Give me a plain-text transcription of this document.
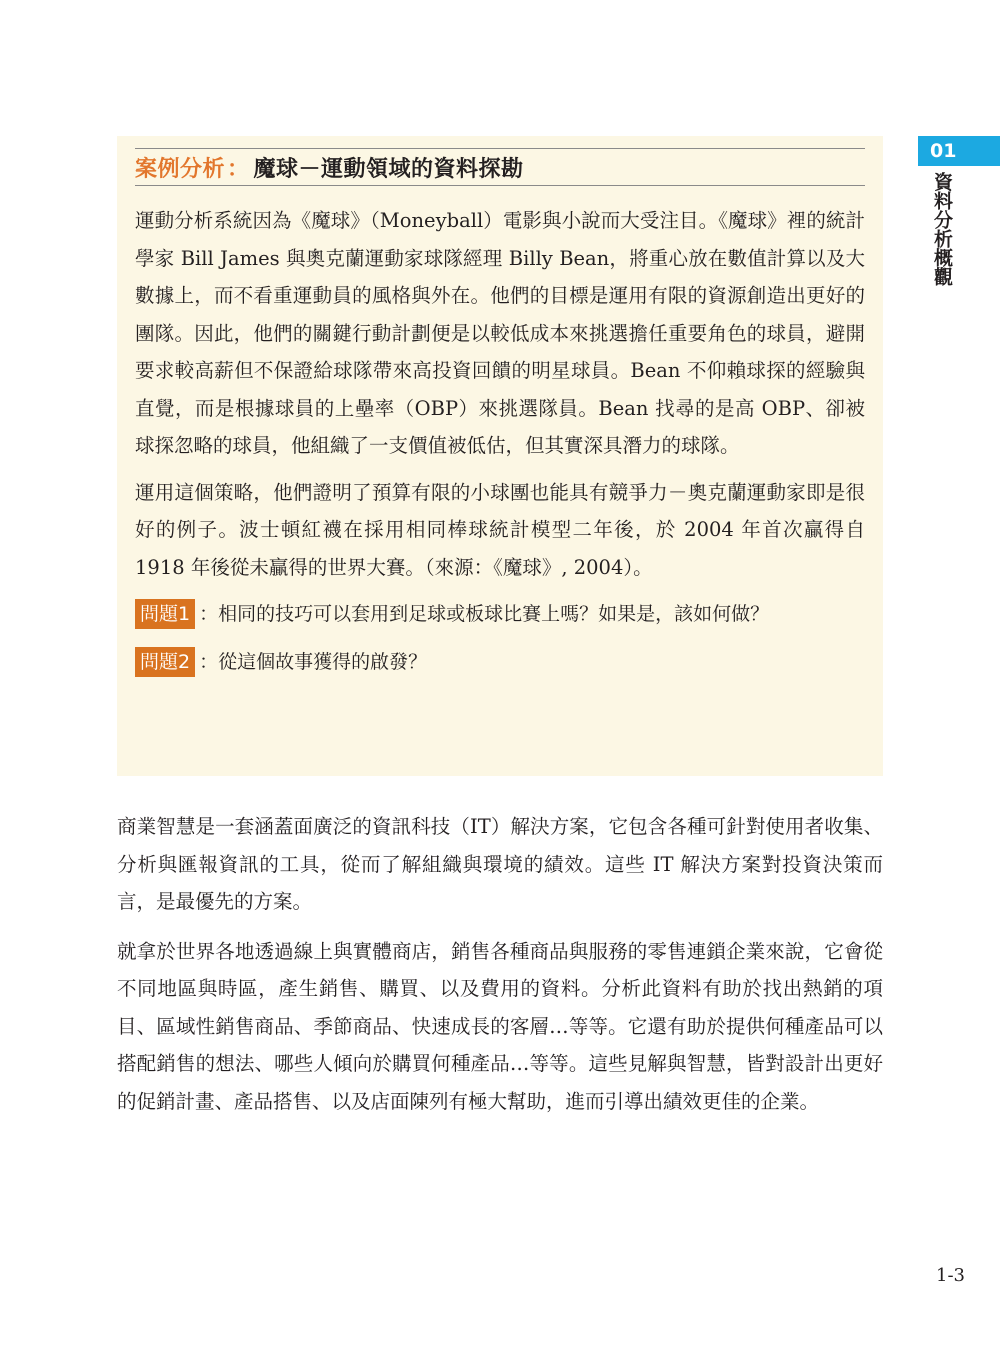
案例分析 ： 魔球－運動領域的資料探勘

運動分析系統因為《魔球》（Moneyball）電影與小說而大受注目。《魔球》裡的統計學家 Bill James 與奧克蘭運動家球隊經理 Billy Bean，將重心放在數值計算以及大數據上，而不看重運動員的風格與外在。他們的目標是運用有限的資源創造出更好的團隊。因此，他們的關鍵行動計劃便是以較低成本來挑選擔任重要角色的球員，避開要求較高薪但不保證給球隊帶來高投資回饋的明星球員。Bean 不仰賴球探的經驗與直覺，而是根據球員的上壘率（OBP）來挑選隊員。Bean 找尋的是高 OBP、卻被球探忽略的球員，他組織了一支價值被低估，但其實深具潛力的球隊。

運用這個策略，他們證明了預算有限的小球團也能具有競爭力－奧克蘭運動家即是很好的例子。波士頓紅襪在採用相同棒球統計模型二年後，於 2004 年首次贏得自 1918 年後從未贏得的世界大賽。（來源：《魔球》, 2004）。

問題1 ：相同的技巧可以套用到足球或板球比賽上嗎？如果是，該如何做？
問題2 ：從這個故事獲得的啟發？

商業智慧是一套涵蓋面廣泛的資訊科技（IT）解決方案，它包含各種可針對使用者收集、分析與匯報資訊的工具，從而了解組織與環境的績效。這些 IT 解決方案對投資決策而言，是最優先的方案。

就拿於世界各地透過線上與實體商店，銷售各種商品與服務的零售連鎖企業來說，它會從不同地區與時區，產生銷售、購買、以及費用的資料。分析此資料有助於找出熱銷的項目、區域性銷售商品、季節商品、快速成長的客層…等等。它還有助於提供何種產品可以搭配銷售的想法、哪些人傾向於購買何種產品…等等。這些見解與智慧，皆對設計出更好的促銷計畫、產品搭售、以及店面陳列有極大幫助，進而引導出績效更佳的企業。

01
資料分析概觀
1-3
